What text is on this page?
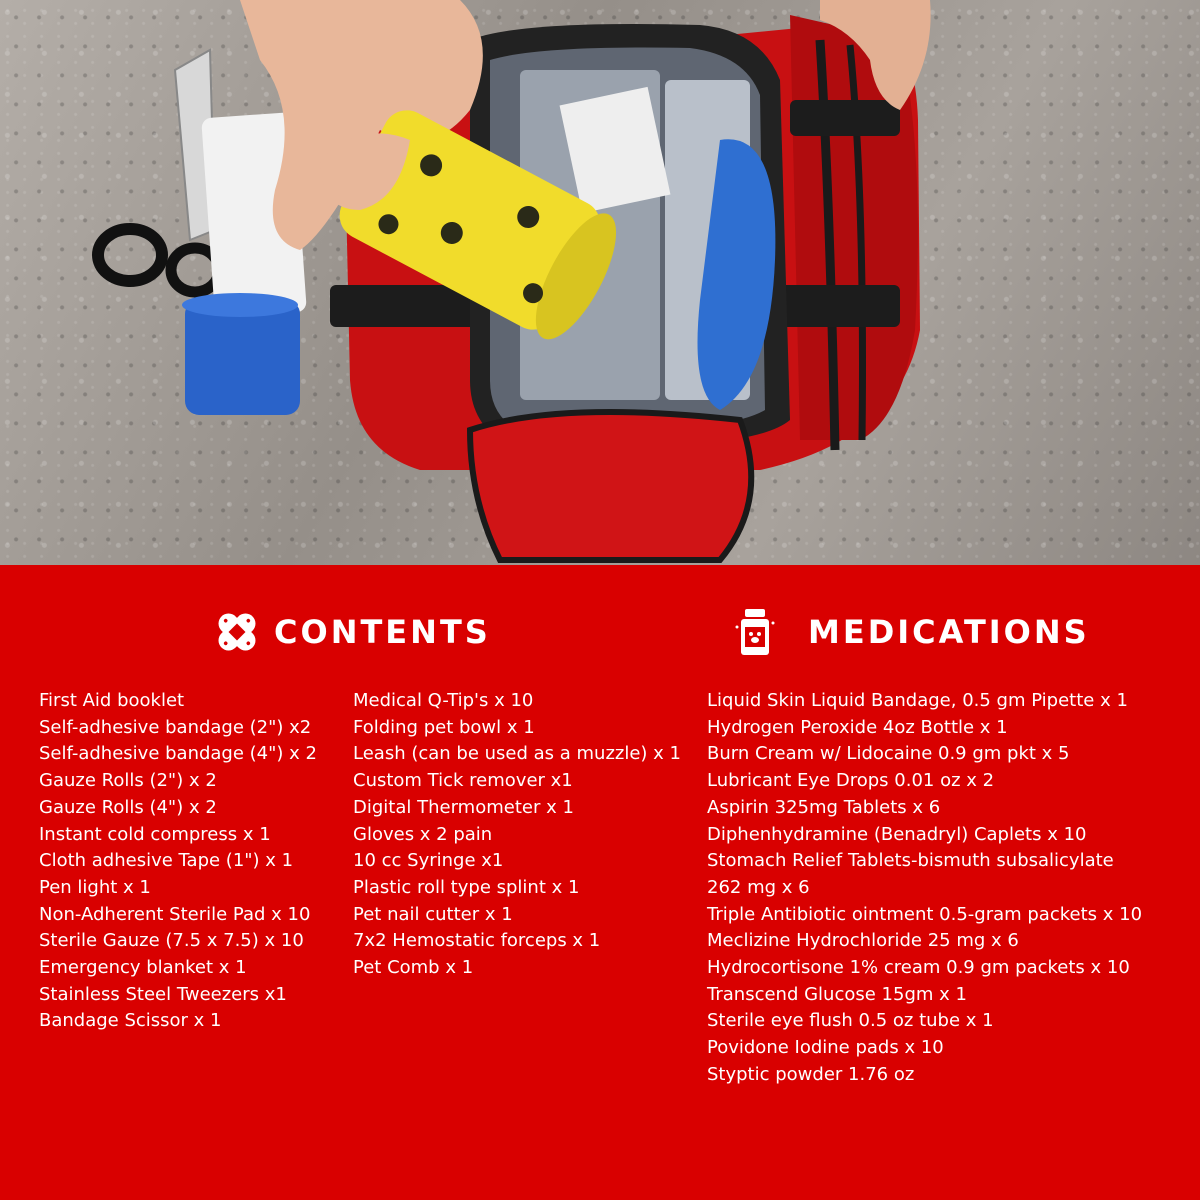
CONTENTS	MEDICATIONS
First Aid booklet
Self-adhesive bandage (2") x2
Self-adhesive bandage (4") x 2
Gauze Rolls (2") x 2
Gauze Rolls (4") x 2
Instant cold compress x 1
Cloth adhesive Tape (1") x 1
Pen light x 1
Non-Adherent Sterile Pad x 10
Sterile Gauze (7.5 x 7.5) x 10
Emergency blanket x 1
Stainless Steel Tweezers x1
Bandage Scissor x 1
Medical Q-Tip's x 10
Folding pet bowl x 1
Leash (can be used as a muzzle) x 1
Custom Tick remover x1
Digital Thermometer x 1
Gloves x 2 pain
10 cc Syringe x1
Plastic roll type splint x 1
Pet nail cutter x 1
7x2 Hemostatic forceps x 1
Pet Comb x 1
Liquid Skin Liquid Bandage, 0.5 gm Pipette x 1
Hydrogen Peroxide 4oz Bottle x 1
Burn Cream w/ Lidocaine 0.9 gm pkt x 5
Lubricant Eye Drops 0.01 oz x 2
Aspirin 325mg Tablets x 6
Diphenhydramine (Benadryl) Caplets x 10
Stomach Relief Tablets-bismuth subsalicylate
262 mg x 6
Triple Antibiotic ointment 0.5-gram packets x 10
Meclizine Hydrochloride 25 mg x 6
Hydrocortisone 1% cream 0.9 gm packets x 10
Transcend Glucose 15gm x 1
Sterile eye flush 0.5 oz tube x 1
Povidone Iodine pads x 10
Styptic powder 1.76 oz
